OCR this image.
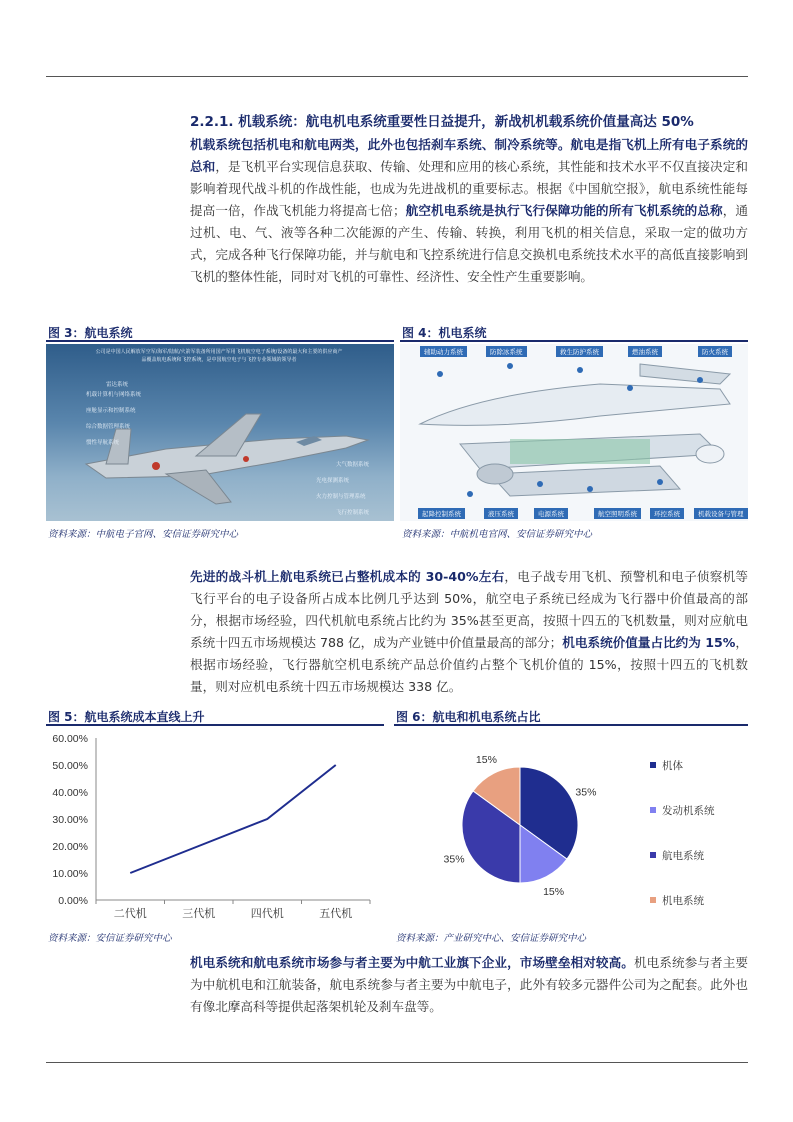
2.2.1. 机载系统：航电机电系统重要性日益提升，新战机机载系统价值量高达 50%
机载系统包括机电和航电两类，此外也包括刹车系统、制冷系统等。航电是指飞机上所有电子系统的总和，是飞机平台实现信息获取、传输、处理和应用的核心系统，其性能和技术水平不仅直接决定和影响着现代战斗机的作战性能，也成为先进战机的重要标志。根据《中国航空报》，航电系统性能每提高一倍，作战飞机能力将提高七倍；航空机电系统是执行飞行保障功能的所有飞机系统的总称，通过机、电、气、液等各种二次能源的产生、传输、转换，利用飞机的相关信息，采取一定的做功方式，完成各种飞行保障功能，并与航电和飞控系统进行信息交换机电系统技术水平的高低直接影响到飞机的整体性能，同时对飞机的可靠性、经济性、安全性产生重要影响。
图 3：航电系统
公司是中国人民解放军空军/海军/陆航/火箭军装备所用国产军用飞机航空电子系统/设备的最大和主要的供应商产品覆盖航电系统和飞控系统，是中国航空电子与飞控专业领域的领导者
雷达系统
机载计算机与网络系统
座舱显示和控制系统
综合数据管理系统
惯性导航系统
大气数据系统
光电探测系统
火力控制与管理系统
飞行控制系统
资料来源：中航电子官网、安信证券研究中心
图 4：机电系统
辅助动力系统	防除冰系统	救生防护系统	燃油系统	防火系统
起降控制系统	液压系统	电源系统	航空照明系统	环控系统	机载设备与管理
资料来源：中航机电官网、安信证券研究中心
先进的战斗机上航电系统已占整机成本的 30-40%左右，电子战专用飞机、预警机和电子侦察机等飞行平台的电子设备所占成本比例几乎达到 50%，航空电子系统已经成为飞行器中价值最高的部分，根据市场经验，四代机航电系统占比约为 35%甚至更高，按照十四五的飞机数量，则对应航电系统十四五市场规模达 788 亿，成为产业链中价值量最高的部分；机电系统价值量占比约为 15%，根据市场经验，飞行器航空机电系统产品总价值约占整个飞机价值的 15%，按照十四五的飞机数量，则对应机电系统十四五市场规模达 338 亿。
图 5：航电系统成本直线上升
0.00%
10.00%
20.00%
30.00%
40.00%
50.00%
60.00%
二代机	三代机	四代机	五代机
资料来源：安信证券研究中心
图 6：航电和机电系统占比
35%
15%
35%
15%	机体
发动机系统
航电系统
机电系统
资料来源：产业研究中心、安信证券研究中心
机电系统和航电系统市场参与者主要为中航工业旗下企业，市场壁垒相对较高。机电系统参与者主要为中航机电和江航装备，航电系统参与者主要为中航电子，此外有较多元器件公司为之配套。此外也有像北摩高科等提供起落架机轮及刹车盘等。
